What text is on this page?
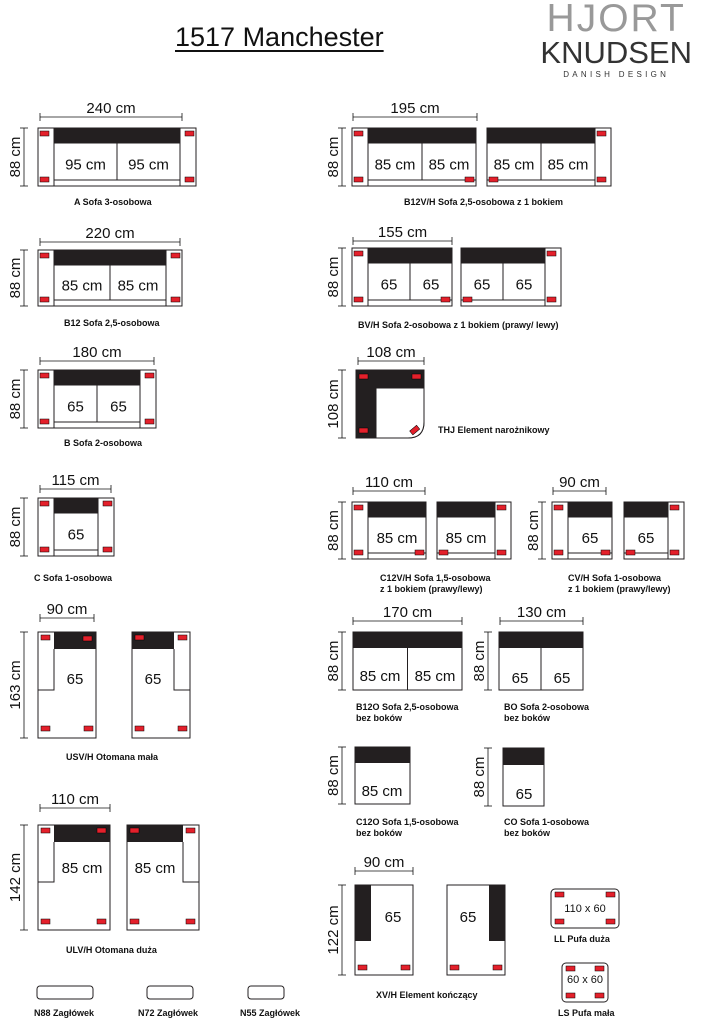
1517 Manchester	HJORT
KNUDSEN
DANISH DESIGN
240 cm
88 cm	95 cm 95 cm
195 cm
88 cm 85 cm 85 cm 85 cm 85 cm
220 cm
88 cm	85 cm 85 cm
155 cm
88 cm	65 65 65 65
180 cm
88 cm	65 65
108 cm
108 cm
115 cm
88 cm	65
110 cm
88 cm 85 cm 85 cm
90 cm
88 cm	65	65
90 cm
163 cm	65	65
170 cm
88 cm 85 cm 85 cm
130 cm
88 cm 65 65
88 cm 85 cm	88 cm 65
110 cm
142 cm	85 cm 85 cm	90 cm
122 cm	65	65	110 x 60
60 x 60
A Sofa 3-osobowa	B12V/H Sofa 2,5-osobowa z 1 bokiem
B12 Sofa 2,5-osobowa	BV/H Sofa 2-osobowa z 1 bokiem (prawy/ lewy)
B Sofa 2-osobowa
THJ Element narożnikowy
C Sofa 1-osobowa	C12V/H Sofa 1,5-osobowa
z 1 bokiem (prawy/lewy)
CV/H Sofa 1-osobowa
z 1 bokiem (prawy/lewy)
USV/H Otomana mała
B12O Sofa 2,5-osobowa
bez boków
BO Sofa 2-osobowa
bez boków
C12O Sofa 1,5-osobowa
bez boków
CO Sofa 1-osobowa
bez boków
ULV/H Otomana duża
XV/H Element kończący
LL Pufa duża
LS Pufa mała
N88 Zagłówek	N72 Zagłówek	N55 Zagłówek
